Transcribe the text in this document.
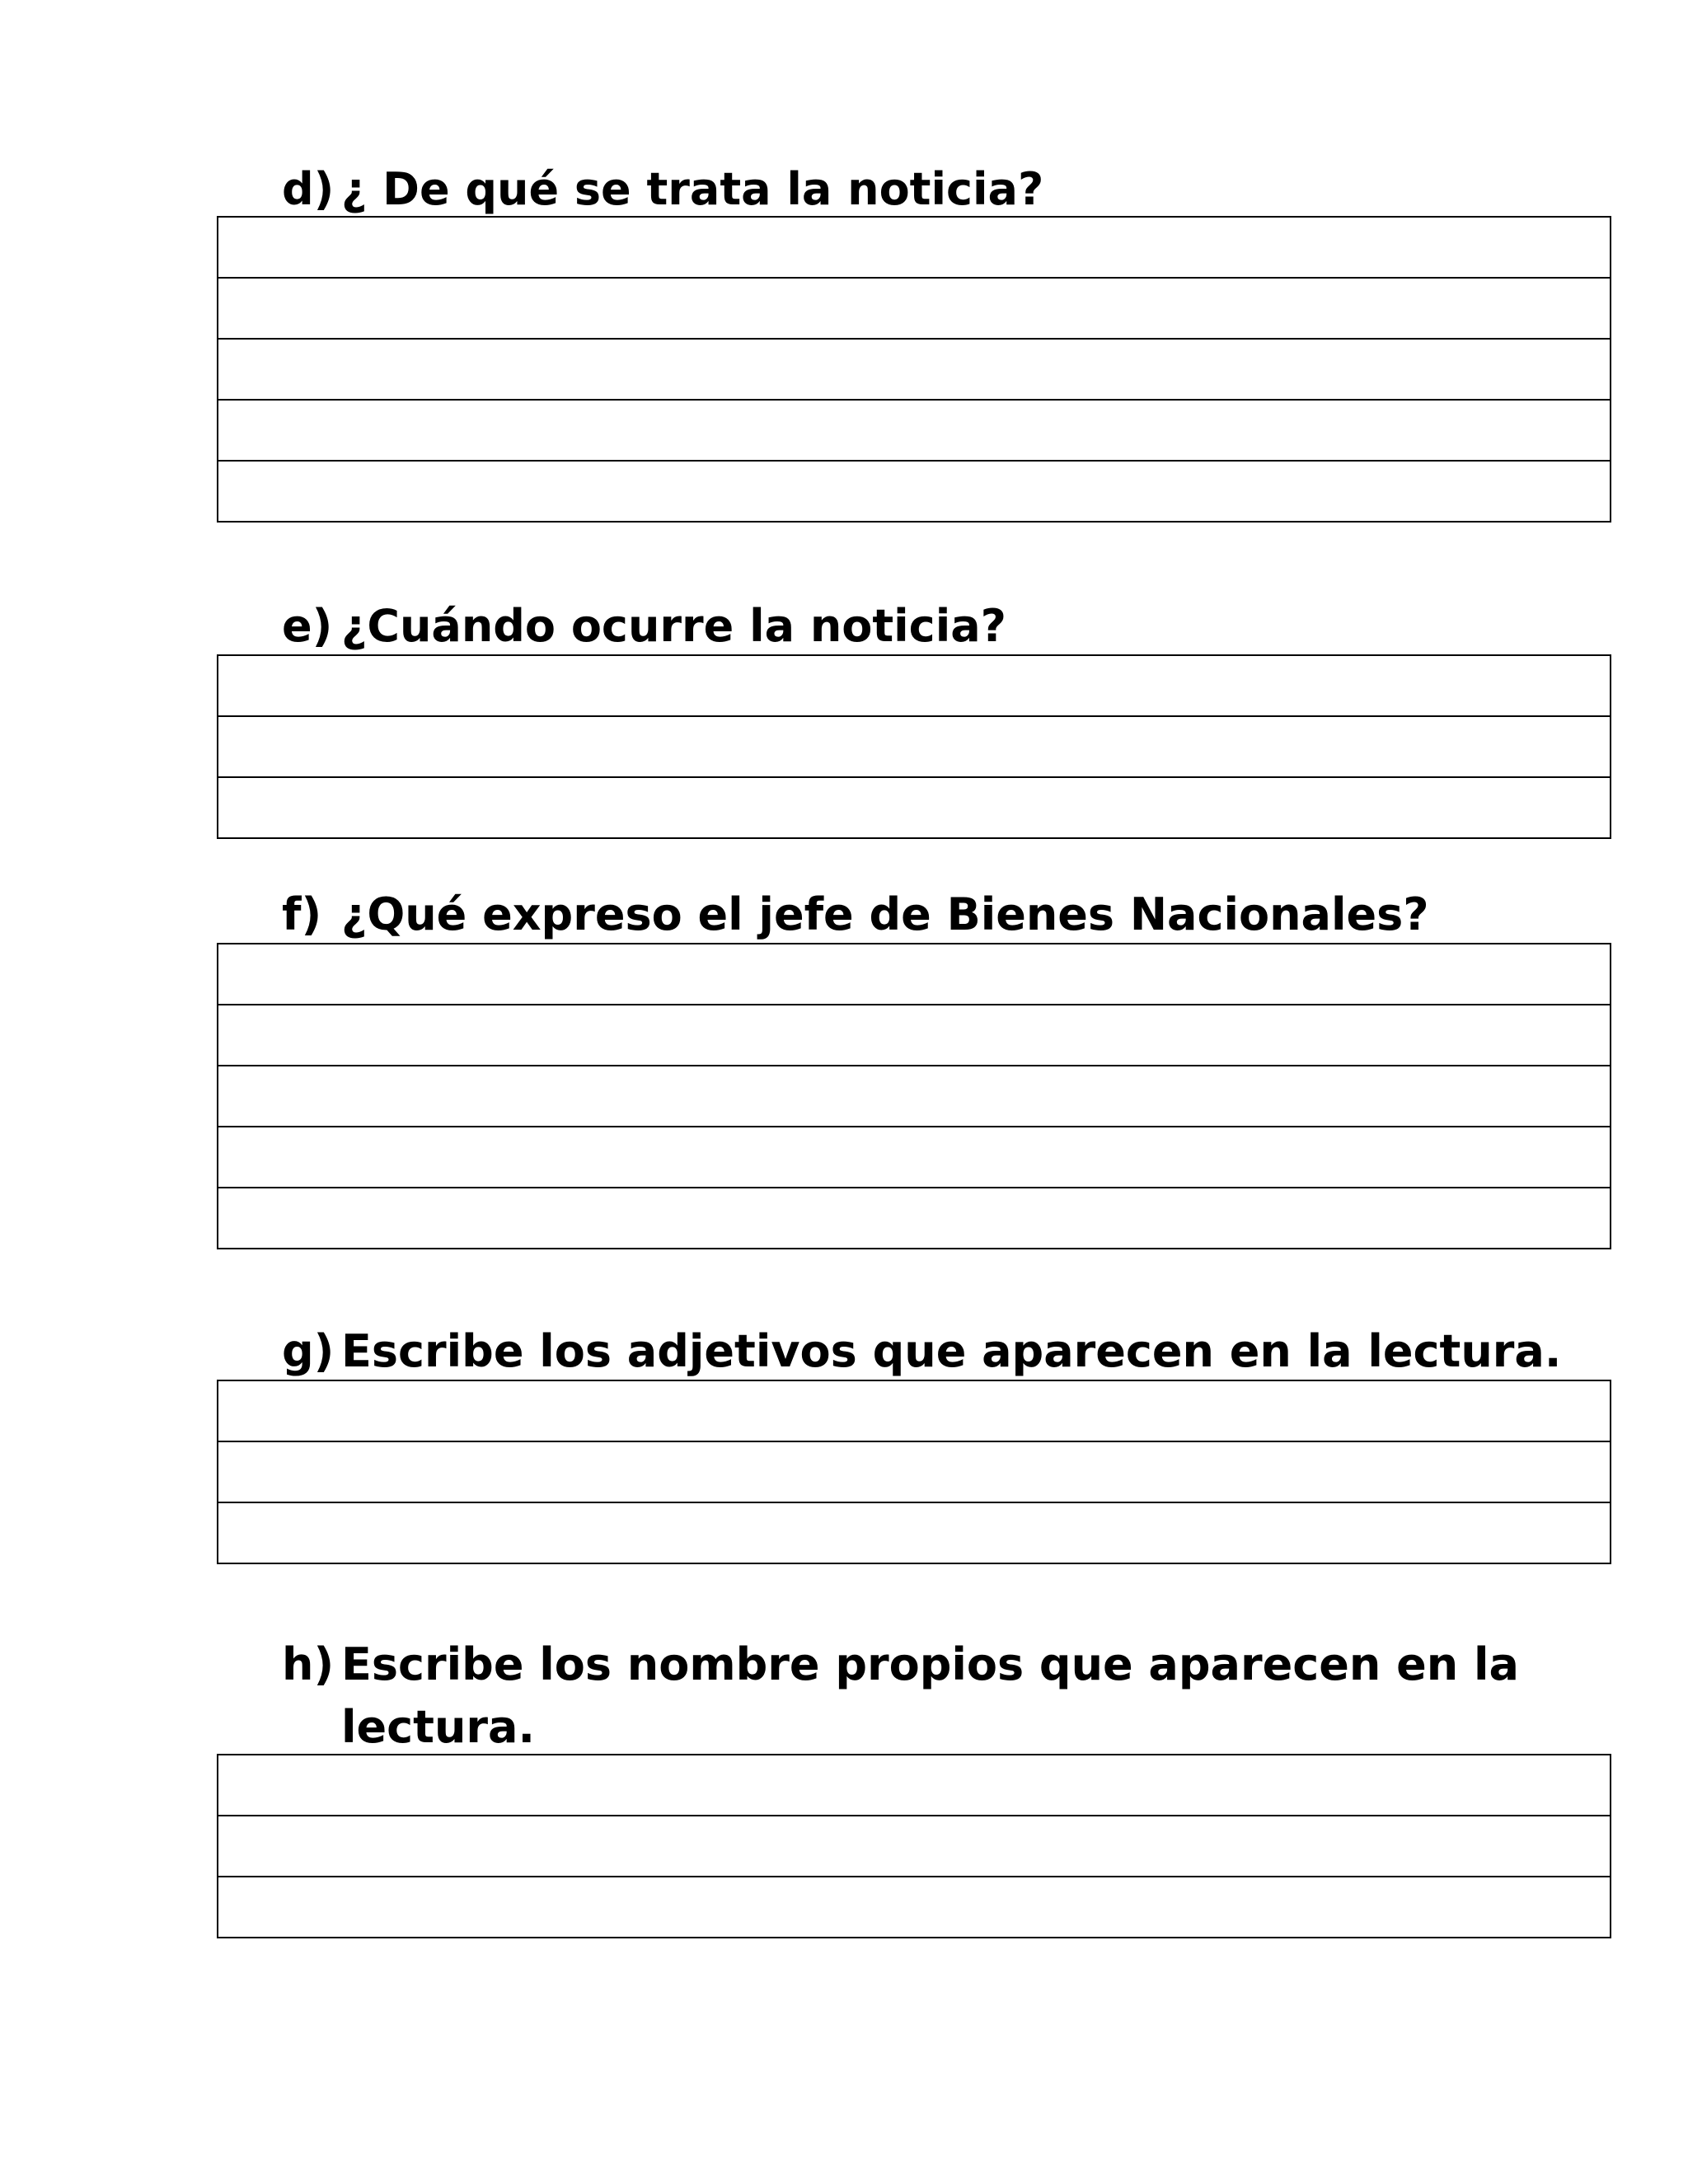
d) ¿ De qué se trata la noticia?

e) ¿Cuándo ocurre la noticia?

f) ¿Qué expreso el jefe de Bienes Nacionales?

g) Escribe los adjetivos que aparecen en la lectura.

h) Escribe los nombre propios que aparecen en la lectura.
